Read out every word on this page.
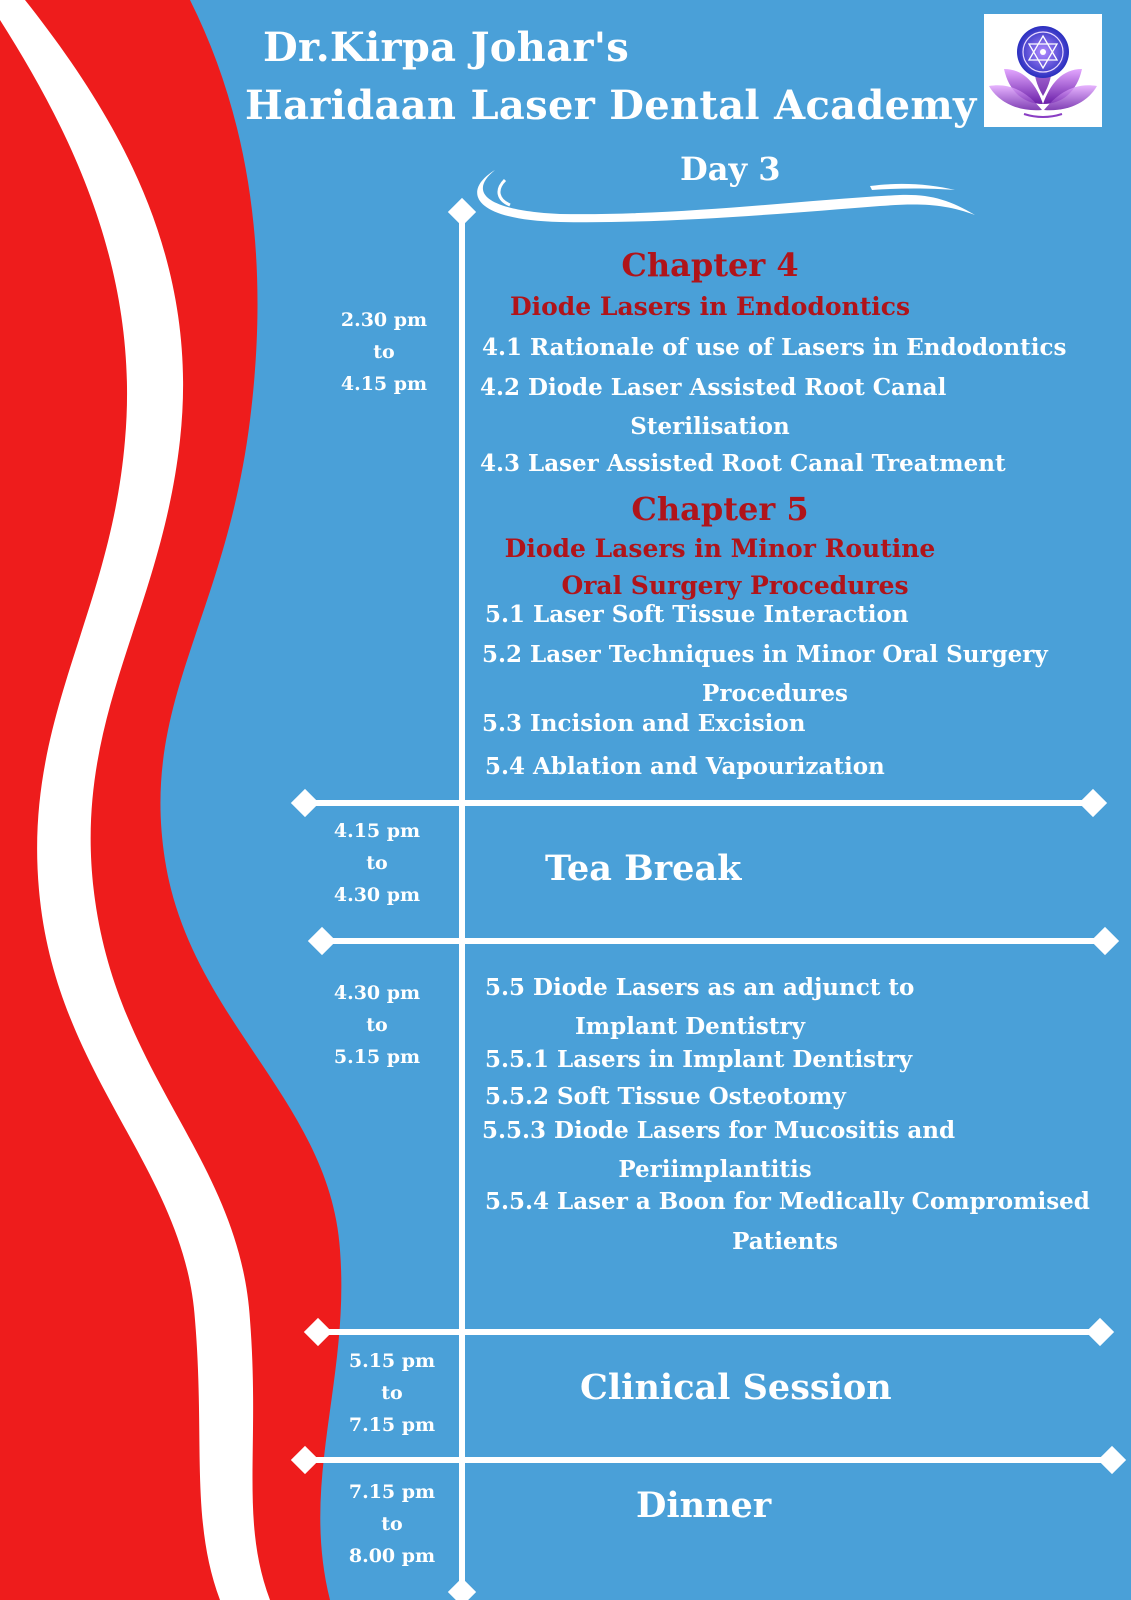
Dr.Kirpa Johar's
Haridaan Laser Dental Academy
Day 3
2.30 pm
to
4.15 pm
Chapter 4
Diode Lasers in Endodontics
4.1 Rationale of use of Lasers in Endodontics
4.2 Diode Laser Assisted Root Canal
Sterilisation
4.3 Laser Assisted Root Canal Treatment
Chapter 5
Diode Lasers in Minor Routine
Oral Surgery Procedures
5.1 Laser Soft Tissue Interaction
5.2 Laser Techniques in Minor Oral Surgery
Procedures
5.3 Incision and Excision
5.4 Ablation and Vapourization
4.15 pm
to
4.30 pm
Tea Break
4.30 pm
to
5.15 pm
5.5 Diode Lasers as an adjunct to
Implant Dentistry
5.5.1 Lasers in Implant Dentistry
5.5.2 Soft Tissue Osteotomy
5.5.3 Diode Lasers for Mucositis and
Periimplantitis
5.5.4 Laser a Boon for Medically Compromised
Patients
5.15 pm
to
7.15 pm
Clinical Session
7.15 pm
to
8.00 pm
Dinner
